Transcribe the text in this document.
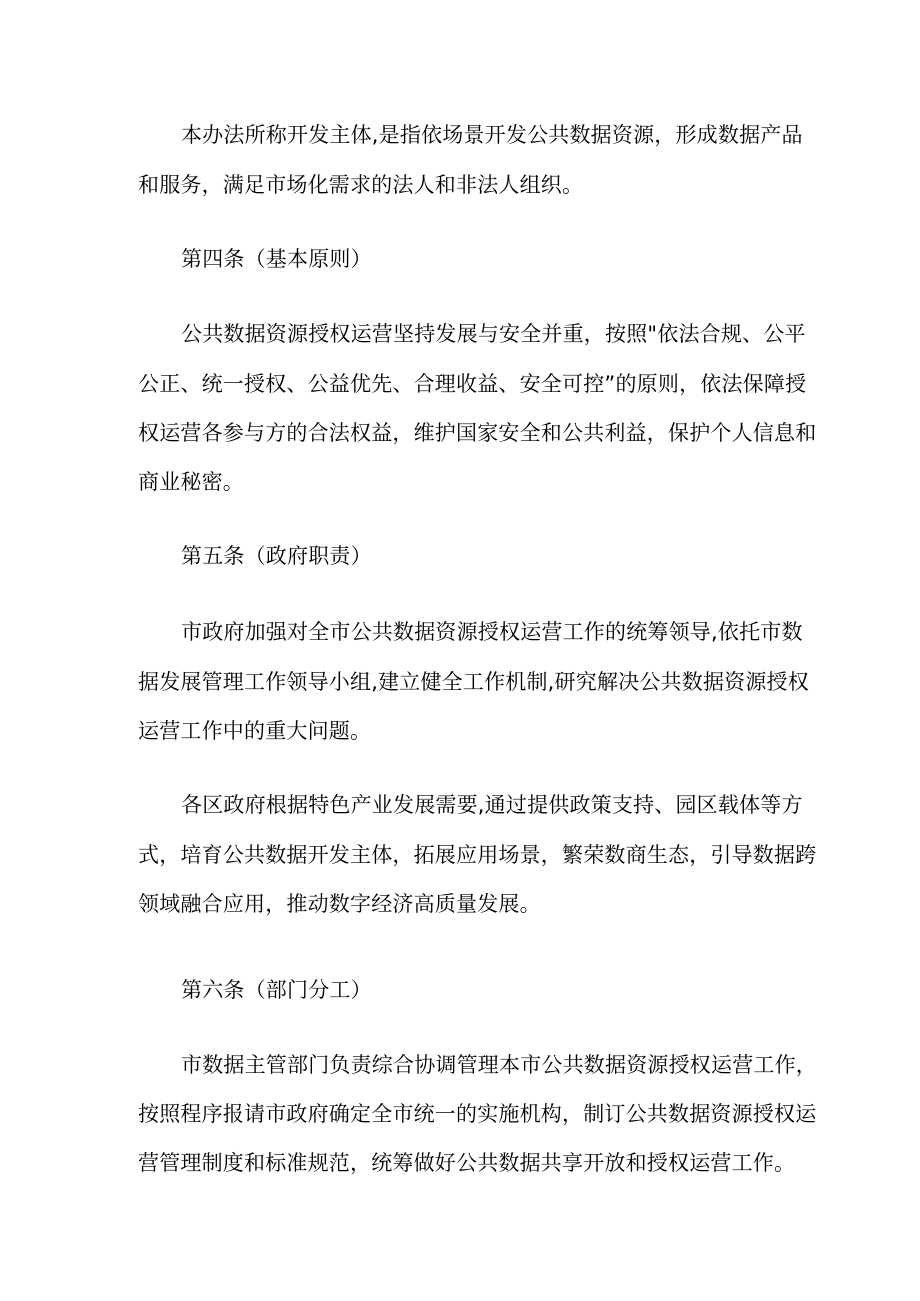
本办法所称开发主体,是指依场景开发公共数据资源，形成数据产品
和服务，满足市场化需求的法人和非法人组织。
第四条（基本原则）
公共数据资源授权运营坚持发展与安全并重，按照"依法合规、公平
公正、统一授权、公益优先、合理收益、安全可控”的原则，依法保障授
权运营各参与方的合法权益，维护国家安全和公共利益，保护个人信息和
商业秘密。
第五条（政府职责）
市政府加强对全市公共数据资源授权运营工作的统筹领导,依托市数
据发展管理工作领导小组,建立健全工作机制,研究解决公共数据资源授权
运营工作中的重大问题。
各区政府根据特色产业发展需要,通过提供政策支持、园区载体等方
式，培育公共数据开发主体，拓展应用场景，繁荣数商生态，引导数据跨
领域融合应用，推动数字经济高质量发展。
第六条（部门分工）
市数据主管部门负责综合协调管理本市公共数据资源授权运营工作，
按照程序报请市政府确定全市统一的实施机构，制订公共数据资源授权运
营管理制度和标准规范，统筹做好公共数据共享开放和授权运营工作。
